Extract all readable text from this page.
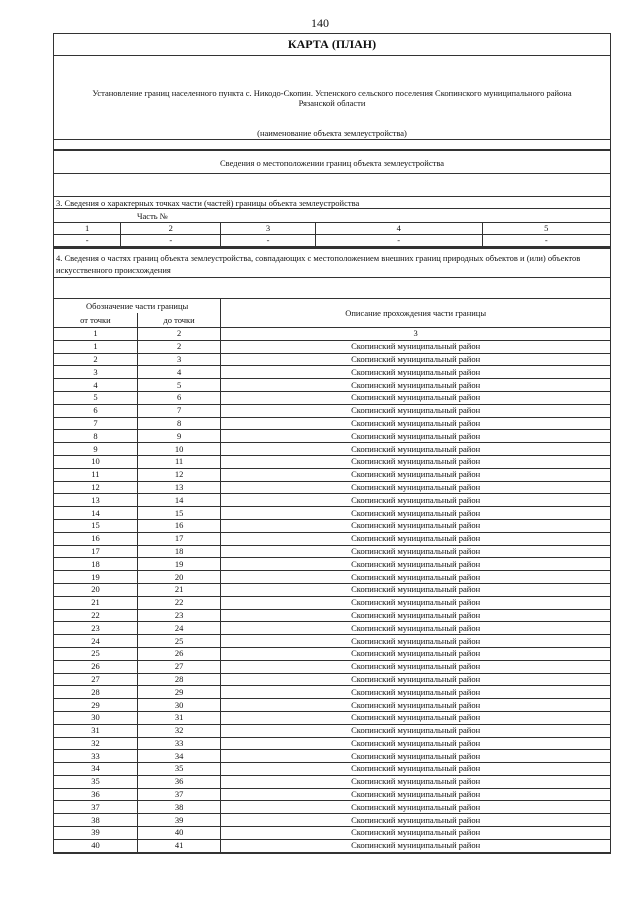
140
КАРТА (ПЛАН)
Установление границ населенного пункта с. Никодо-Скопин. Успенского сельского поселения Скопинского муниципального района Рязанской области
(наименование объекта землеустройства)
Сведения о местоположении границ объекта землеустройства
3. Сведения о характерных точках части (частей) границы объекта землеустройства
Часть №
1	2	3	4	5
-	-	-	-	-
4. Сведения о частях границ объекта землеустройства, совпадающих с местоположением внешних границ природных объектов и (или) объектов искусственного происхождения
Обозначение части границы		Описание прохождения части границы
от точки	до точки	

1	2	3
1	2	Скопинский муниципальный район
2	3	Скопинский муниципальный район
3	4	Скопинский муниципальный район
4	5	Скопинский муниципальный район
5	6	Скопинский муниципальный район
6	7	Скопинский муниципальный район
7	8	Скопинский муниципальный район
8	9	Скопинский муниципальный район
9	10	Скопинский муниципальный район
10	11	Скопинский муниципальный район
11	12	Скопинский муниципальный район
12	13	Скопинский муниципальный район
13	14	Скопинский муниципальный район
14	15	Скопинский муниципальный район
15	16	Скопинский муниципальный район
16	17	Скопинский муниципальный район
17	18	Скопинский муниципальный район
18	19	Скопинский муниципальный район
19	20	Скопинский муниципальный район
20	21	Скопинский муниципальный район
21	22	Скопинский муниципальный район
22	23	Скопинский муниципальный район
23	24	Скопинский муниципальный район
24	25	Скопинский муниципальный район
25	26	Скопинский муниципальный район
26	27	Скопинский муниципальный район
27	28	Скопинский муниципальный район
28	29	Скопинский муниципальный район
29	30	Скопинский муниципальный район
30	31	Скопинский муниципальный район
31	32	Скопинский муниципальный район
32	33	Скопинский муниципальный район
33	34	Скопинский муниципальный район
34	35	Скопинский муниципальный район
35	36	Скопинский муниципальный район
36	37	Скопинский муниципальный район
37	38	Скопинский муниципальный район
38	39	Скопинский муниципальный район
39	40	Скопинский муниципальный район
40	41	Скопинский муниципальный район
